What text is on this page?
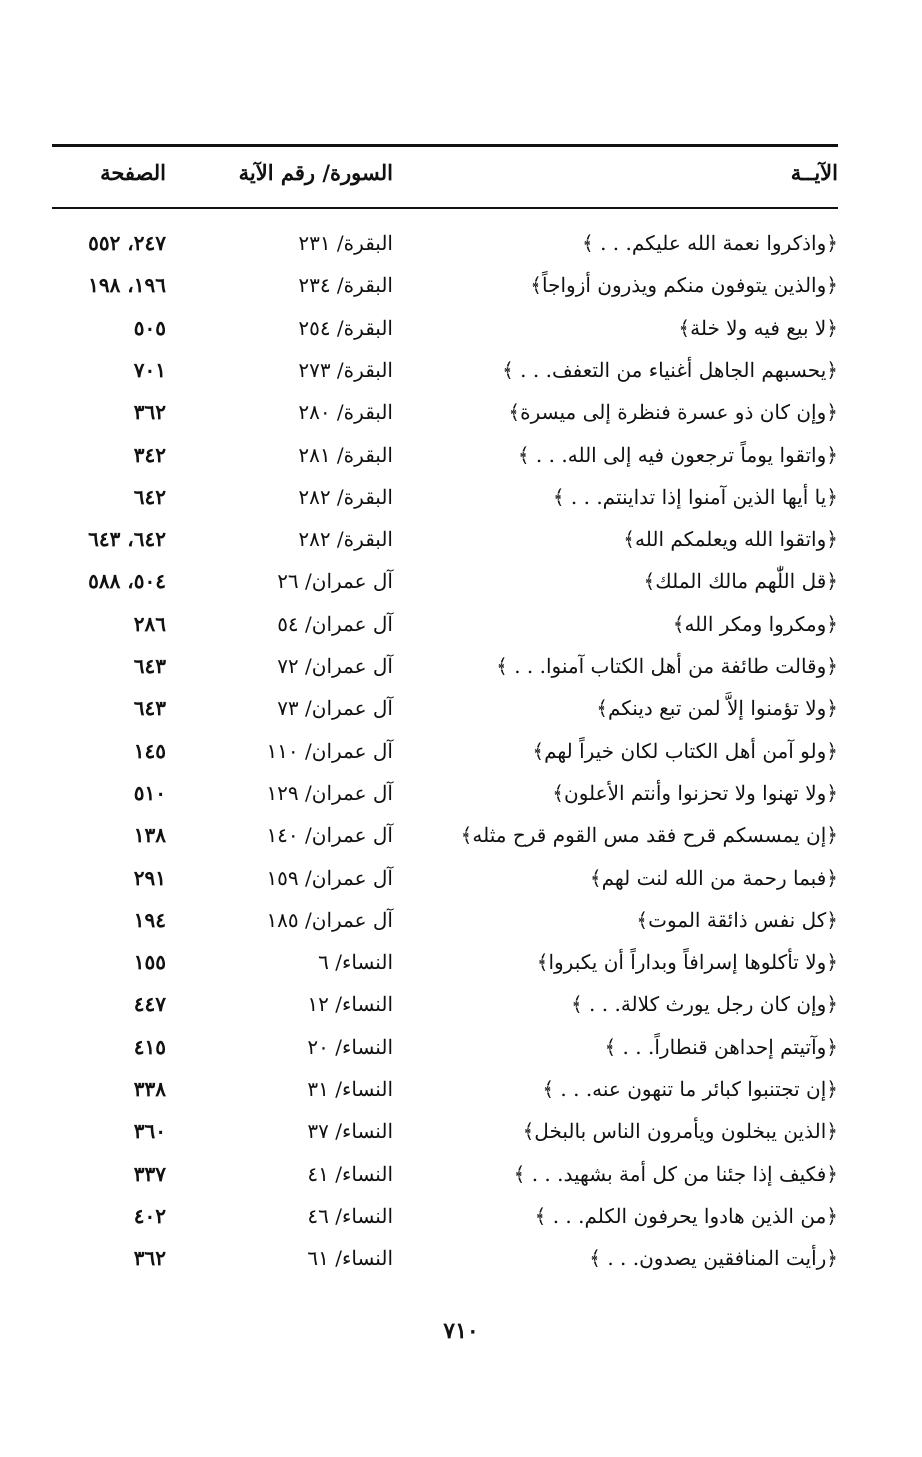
الآيــة
السورة/ رقم الآية
الصفحة
﴿واذكروا نعمة الله عليكم. . . ﴾
البقرة/ ٢٣١
٢٤٧، ٥٥٢
﴿والذين يتوفون منكم ويذرون أزواجاً﴾
البقرة/ ٢٣٤
١٩٦، ١٩٨
﴿لا بيع فيه ولا خلة﴾
البقرة/ ٢٥٤
٥٠٥
﴿يحسبهم الجاهل أغنياء من التعفف. . . ﴾
البقرة/ ٢٧٣
٧٠١
﴿وإن كان ذو عسرة فنظرة إلى ميسرة﴾
البقرة/ ٢٨٠
٣٦٢
﴿واتقوا يوماً ترجعون فيه إلى الله. . . ﴾
البقرة/ ٢٨١
٣٤٢
﴿يا أيها الذين آمنوا إذا تداينتم. . . ﴾
البقرة/ ٢٨٢
٦٤٢
﴿واتقوا الله ويعلمكم الله﴾
البقرة/ ٢٨٢
٦٤٢، ٦٤٣
﴿قل اللّٰهم مالك الملك﴾
آل عمران/ ٢٦
٥٠٤، ٥٨٨
﴿ومكروا ومكر الله﴾
آل عمران/ ٥٤
٢٨٦
﴿وقالت طائفة من أهل الكتاب آمنوا. . . ﴾
آل عمران/ ٧٢
٦٤٣
﴿ولا تؤمنوا إلاَّ لمن تبع دينكم﴾
آل عمران/ ٧٣
٦٤٣
﴿ولو آمن أهل الكتاب لكان خيراً لهم﴾
آل عمران/ ١١٠
١٤٥
﴿ولا تهنوا ولا تحزنوا وأنتم الأعلون﴾
آل عمران/ ١٢٩
٥١٠
﴿إن يمسسكم قرح فقد مس القوم قرح مثله﴾
آل عمران/ ١٤٠
١٣٨
﴿فبما رحمة من الله لنت لهم﴾
آل عمران/ ١٥٩
٢٩١
﴿كل نفس ذائقة الموت﴾
آل عمران/ ١٨٥
١٩٤
﴿ولا تأكلوها إسرافاً وبداراً أن يكبروا﴾
النساء/ ٦
١٥٥
﴿وإن كان رجل يورث كلالة. . . ﴾
النساء/ ١٢
٤٤٧
﴿وآتيتم إحداهن قنطاراً. . . ﴾
النساء/ ٢٠
٤١٥
﴿إن تجتنبوا كبائر ما تنهون عنه. . . ﴾
النساء/ ٣١
٣٣٨
﴿الذين يبخلون ويأمرون الناس بالبخل﴾
النساء/ ٣٧
٣٦٠
﴿فكيف إذا جئنا من كل أمة بشهيد. . . ﴾
النساء/ ٤١
٣٣٧
﴿من الذين هادوا يحرفون الكلم. . . ﴾
النساء/ ٤٦
٤٠٢
﴿رأيت المنافقين يصدون. . . ﴾
النساء/ ٦١
٣٦٢
٧١٠
